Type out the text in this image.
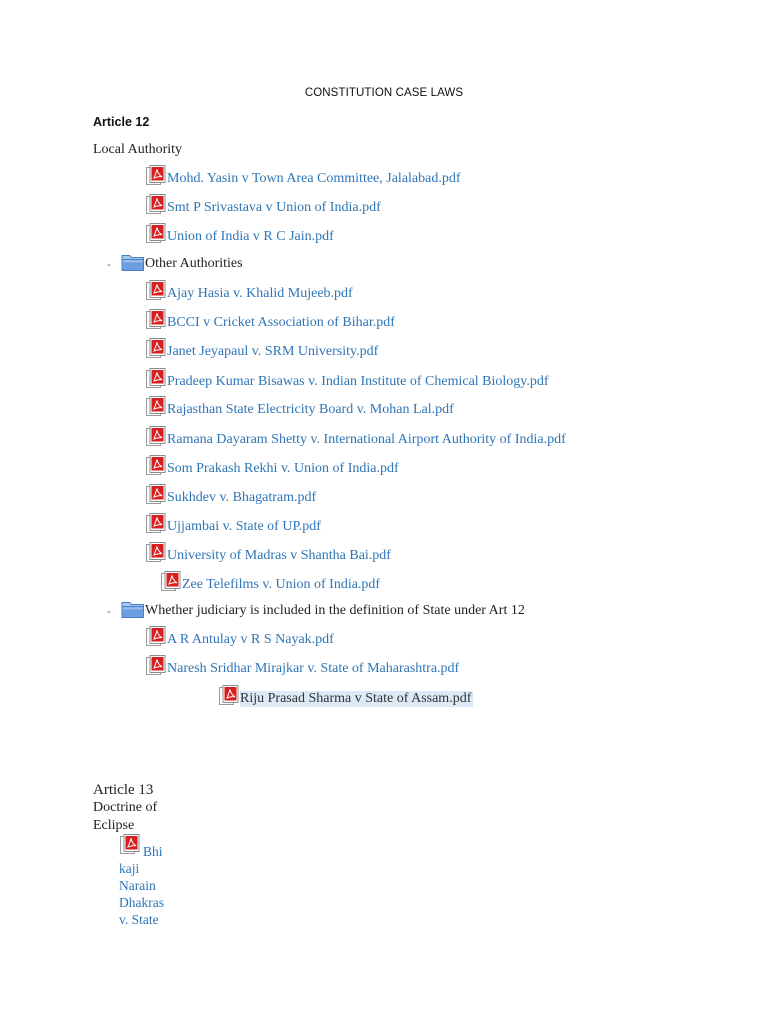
CONSTITUTION CASE LAWS
Article 12
Local Authority
Mohd. Yasin v Town Area Committee, Jalalabad.pdf
Smt P Srivastava v Union of India.pdf
Union of India v R C Jain.pdf
-	Other Authorities
Ajay Hasia v. Khalid Mujeeb.pdf
BCCI v Cricket Association of Bihar.pdf
Janet Jeyapaul v. SRM University.pdf
Pradeep Kumar Bisawas v. Indian Institute of Chemical Biology.pdf
Rajasthan State Electricity Board v. Mohan Lal.pdf
Ramana Dayaram Shetty v. International Airport Authority of India.pdf
Som Prakash Rekhi v. Union of India.pdf
Sukhdev v. Bhagatram.pdf
Ujjambai v. State of UP.pdf
University of Madras v Shantha Bai.pdf
Zee Telefilms v. Union of India.pdf
-	Whether judiciary is included in the definition of State under Art 12
A R Antulay v R S Nayak.pdf
Naresh Sridhar Mirajkar v. State of Maharashtra.pdf
Riju Prasad Sharma v State of Assam.pdf
Article 13
Doctrine of
Eclipse
Bhi
kaji
Narain
Dhakras
v. State
